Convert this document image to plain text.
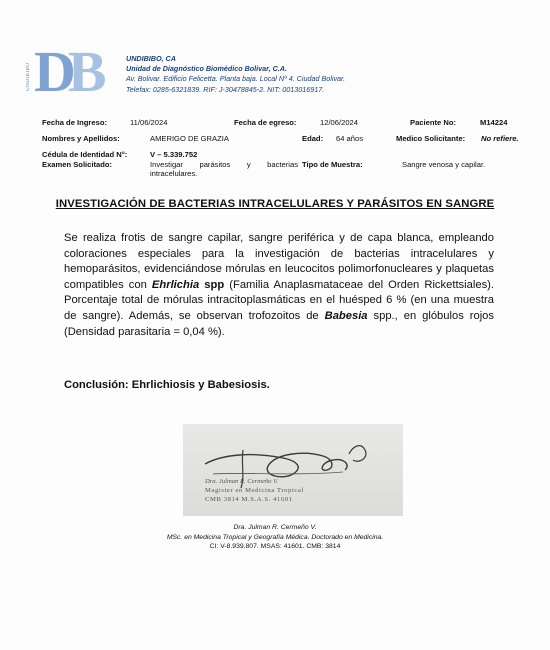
UNDIBIBO DB	UNDIBIBO, CA
Unidad de Diagnóstico Biomédico Bolivar, C.A.
Av. Bolivar. Edificio Felicetta. Planta baja. Local Nº 4. Ciudad Bolivar.
Telefax: 0285-6321839. RIF: J-30478845-2. NIT: 0013016917.
Fecha de Ingreso:	11/06/2024	Fecha de egreso:	12/06/2024	Paciente No:	M14224
Nombres y Apellidos:	AMERIGO DE GRAZIA	Edad: 64 años	Medico Solicitante: No refiere.
Cédula de Identidad N°:	V – 5.339.752
Examen Solicitado:	Investigar parásitos y bacterias intracelulares.
Tipo de Muestra:	Sangre venosa y capilar.
INVESTIGACIÓN DE BACTERIAS INTRACELULARES Y PARÁSITOS EN SANGRE
Se realiza frotis de sangre capilar, sangre periférica y de capa blanca, empleando coloraciones especiales para la investigación de bacterias intracelulares y hemoparásitos, evidenciándose mórulas en leucocitos polimorfonucleares y plaquetas compatibles con Ehrlichia spp (Familia Anaplasmataceae del Orden Rickettsiales). Porcentaje total de mórulas intracitoplasmáticas en el huésped 6 % (en una muestra de sangre). Además, se observan trofozoitos de Babesia spp., en glóbulos rojos (Densidad parasitaria = 0,04 %).
Conclusión: Ehrlichiosis y Babesiosis.
Dra. Julman R. Cermeño V.
Magister en Medicina Tropical
CMB 3814 M.S.A.S. 41601
Dra. Julman R. Cermeño V.
MSc. en Medicina Tropical y Geografía Médica. Doctorado en Medicina.
CI: V-8.939.807. MSAS: 41601. CMB: 3814
